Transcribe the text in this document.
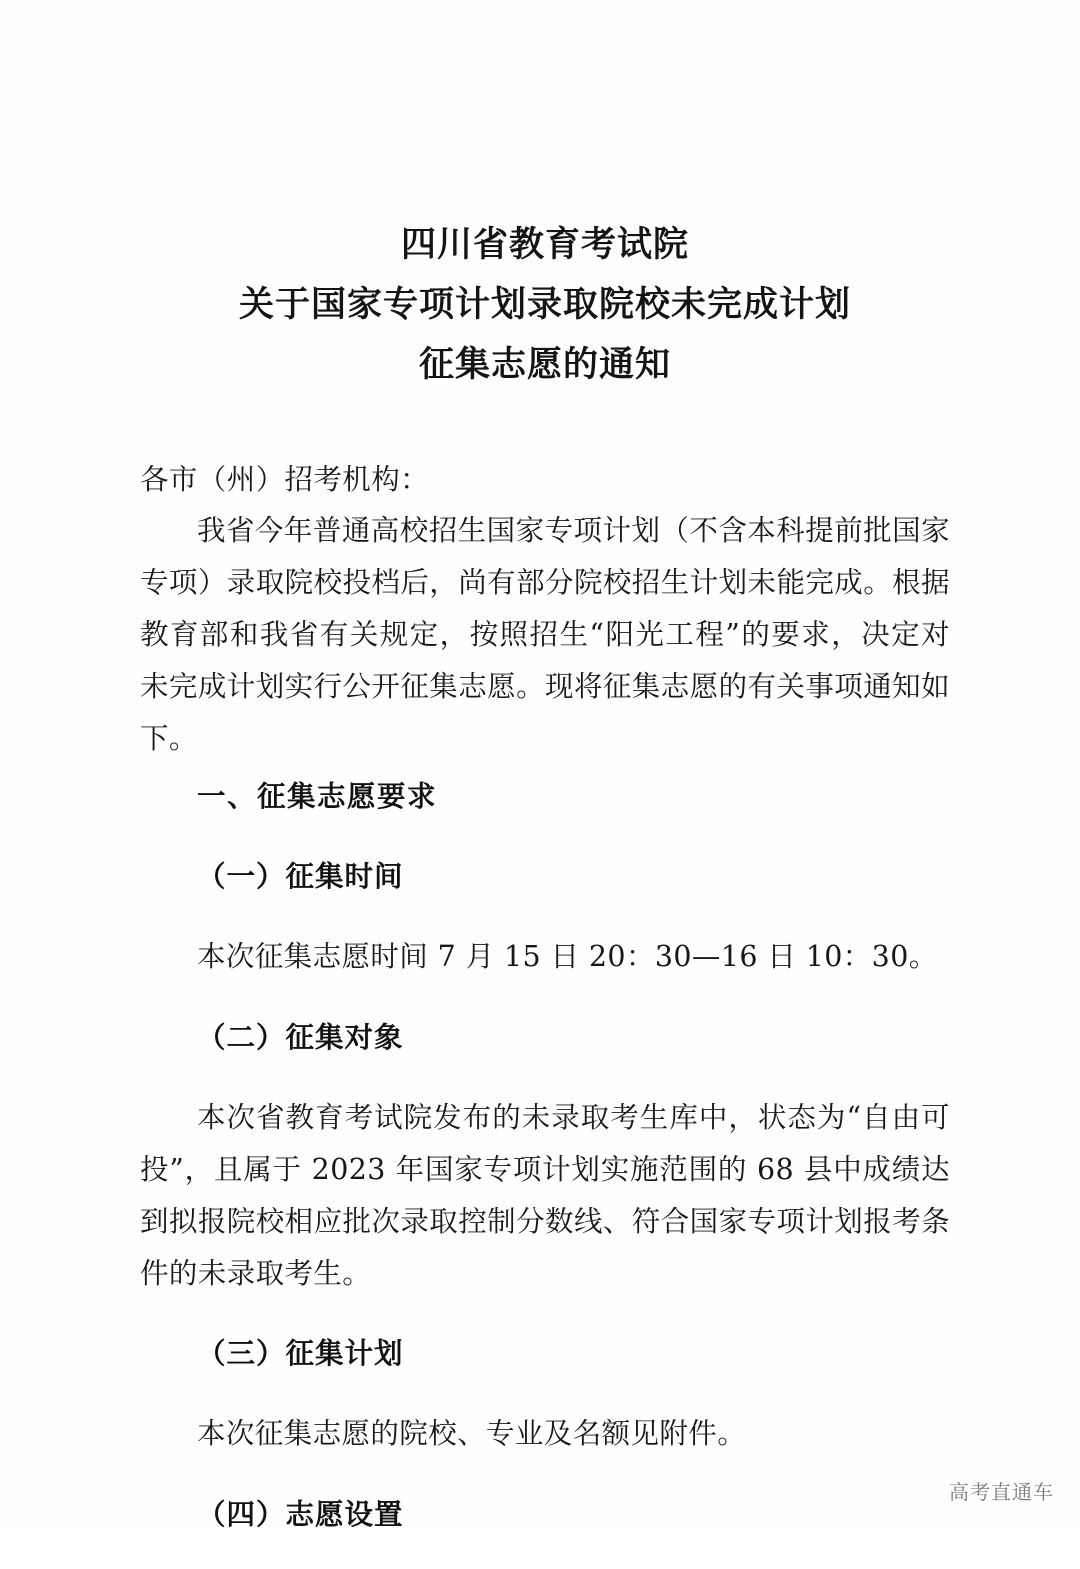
四川省教育考试院
关于国家专项计划录取院校未完成计划
征集志愿的通知

各市（州）招考机构：

我省今年普通高校招生国家专项计划（不含本科提前批国家专项）录取院校投档后，尚有部分院校招生计划未能完成。根据教育部和我省有关规定，按照招生“阳光工程”的要求，决定对未完成计划实行公开征集志愿。现将征集志愿的有关事项通知如下。

一、征集志愿要求

（一）征集时间

本次征集志愿时间 7 月 15 日 20：30—16 日 10：30。

（二）征集对象

本次省教育考试院发布的未录取考生库中，状态为“自由可投”，且属于 2023 年国家专项计划实施范围的 68 县中成绩达到拟报院校相应批次录取控制分数线、符合国家专项计划报考条件的未录取考生。

（三）征集计划

本次征集志愿的院校、专业及名额见附件。

（四）志愿设置

高考直通车
